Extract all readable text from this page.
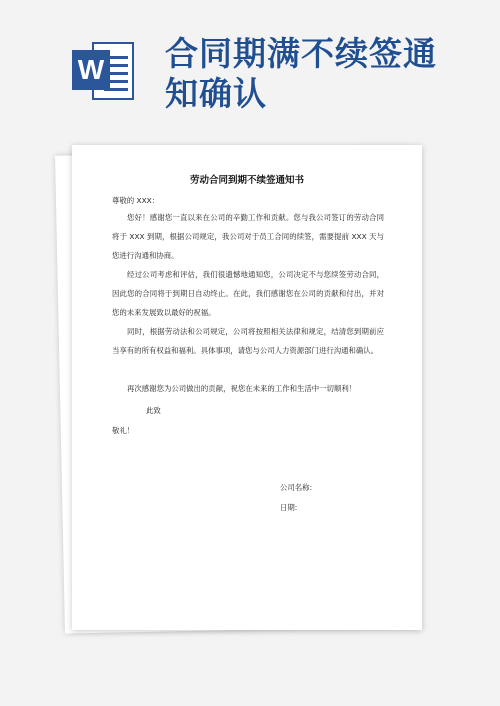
W 合同期满不续签通
知确认
劳动合同到期不续签通知书
尊敬的 XXX：

您好！感谢您一直以来在公司的辛勤工作和贡献。您与我公司签订的劳动合同将于 XXX 到期，根据公司规定，我公司对于员工合同的续签，需要提前 XXX 天与您进行沟通和协商。

经过公司考虑和评估，我们很遗憾地通知您，公司决定不与您续签劳动合同，因此您的合同将于到期日自动终止。在此，我们感谢您在公司的贡献和付出，并对您的未来发展致以最好的祝福。

同时，根据劳动法和公司规定，公司将按照相关法律和规定，结清您到期前应当享有的所有权益和福利。具体事项，请您与公司人力资源部门进行沟通和确认。

再次感谢您为公司做出的贡献，祝您在未来的工作和生活中一切顺利！

此致
敬礼！
公司名称:
日期:
